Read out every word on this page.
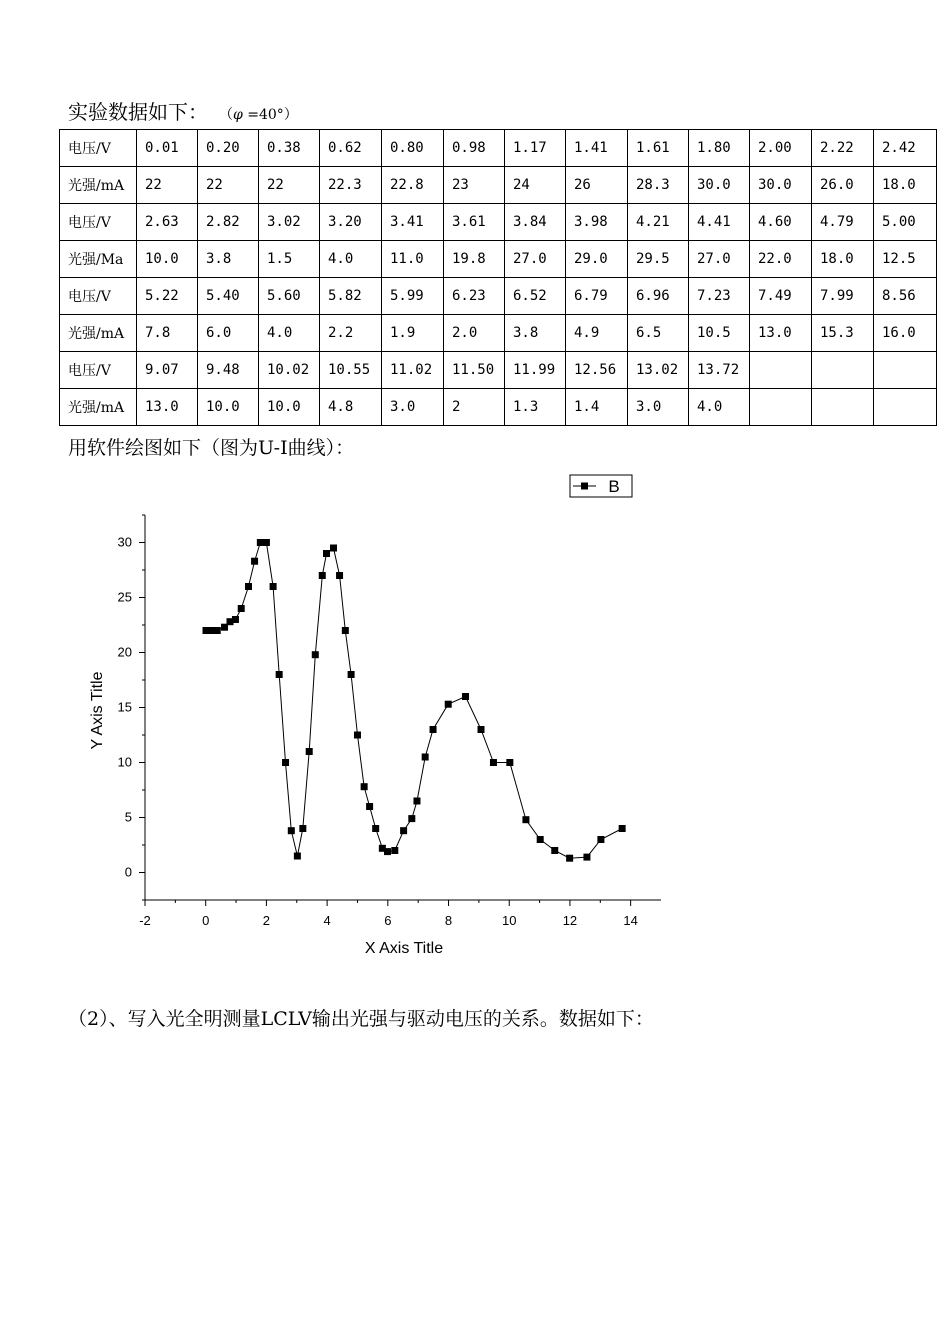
实验数据如下： （φ =40°）
电压/V	0.01	0.20	0.38	0.62	0.80	0.98	1.17	1.41	1.61	1.80	2.00	2.22	2.42
光强/mA	22	22	22	22.3	22.8	23	24	26	28.3	30.0	30.0	26.0	18.0
电压/V	2.63	2.82	3.02	3.20	3.41	3.61	3.84	3.98	4.21	4.41	4.60	4.79	5.00
光强/Ma	10.0	3.8	1.5	4.0	11.0	19.8	27.0	29.0	29.5	27.0	22.0	18.0	12.5
电压/V	5.22	5.40	5.60	5.82	5.99	6.23	6.52	6.79	6.96	7.23	7.49	7.99	8.56
光强/mA	7.8	6.0	4.0	2.2	1.9	2.0	3.8	4.9	6.5	10.5	13.0	15.3	16.0
电压/V	9.07	9.48	10.02	10.55	11.02	11.50	11.99	12.56	13.02	13.72			
光强/mA	13.0	10.0	10.0	4.8	3.0	2	1.3	1.4	3.0	4.0			
用软件绘图如下（图为U-I曲线）：
-2	0	2	4	6	8	10	12	14
0
5
10
15
20
25
30
X Axis Title
Y Axis Title
B
（2）、写入光全明测量LCLV输出光强与驱动电压的关系。数据如下：
